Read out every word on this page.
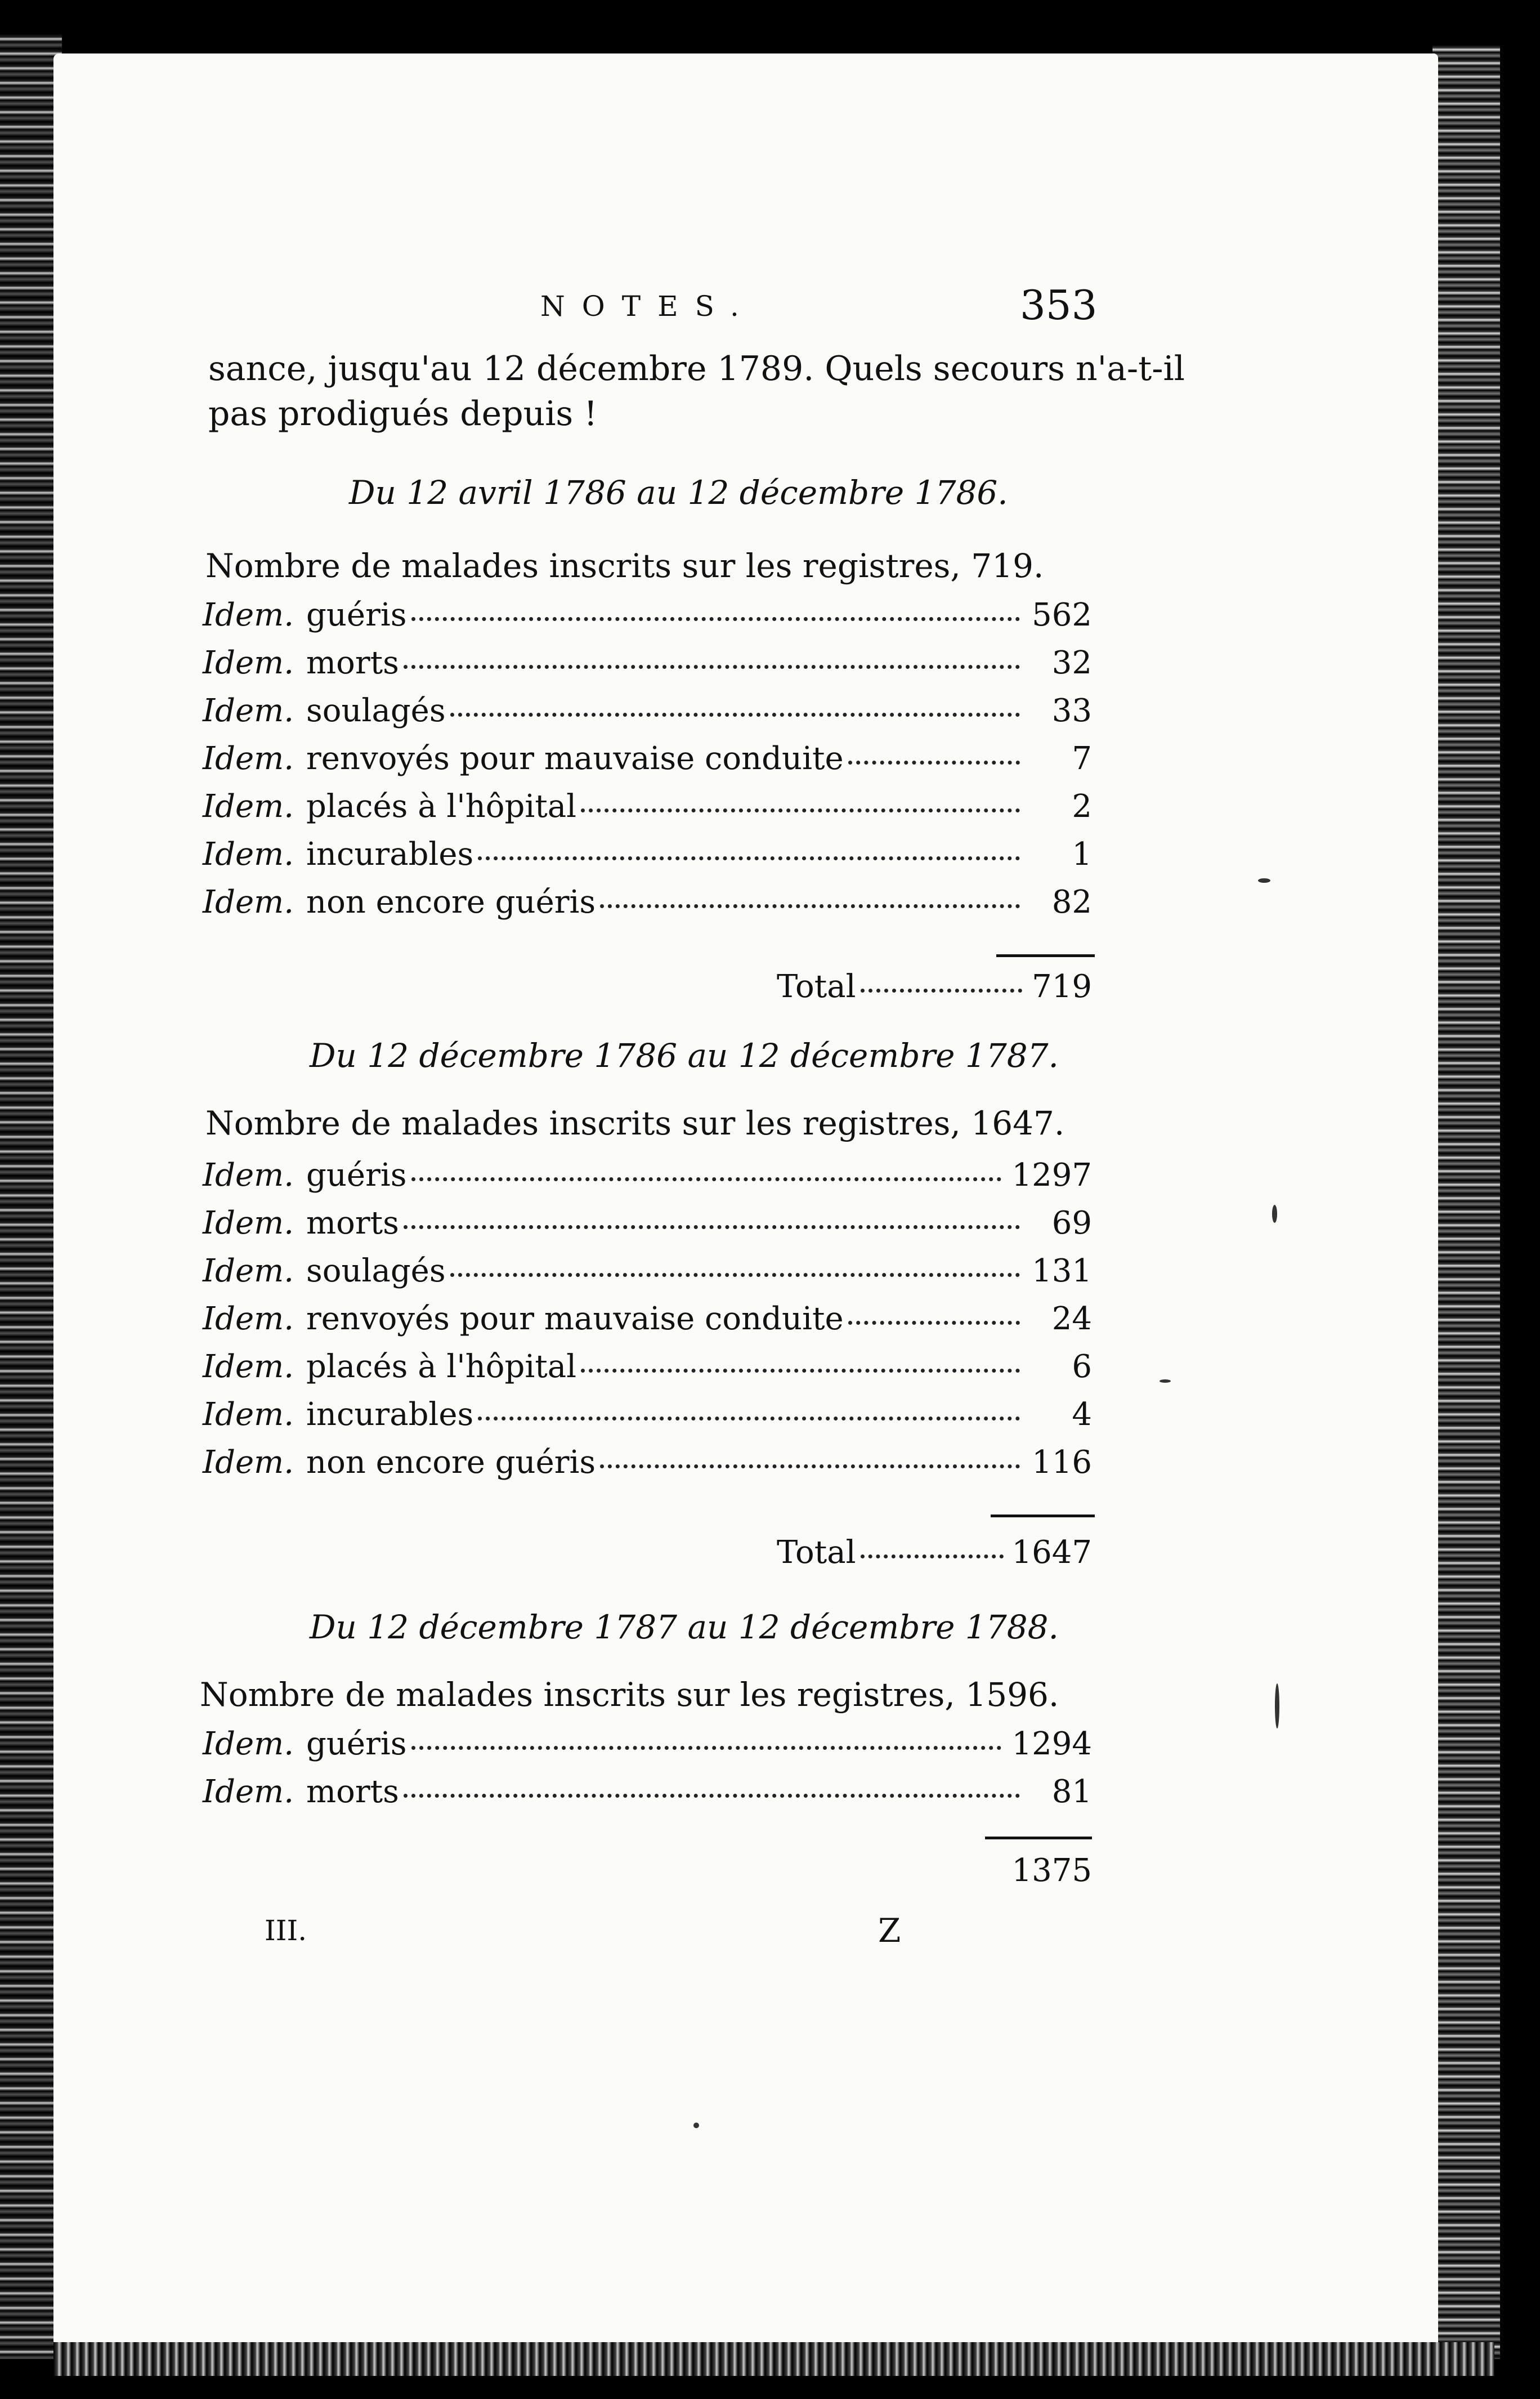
NOTES.	353
sance, jusqu'au 12 décembre 1789. Quels secours n'a-t-il
pas prodigués depuis !
Du 12 avril 1786 au 12 décembre 1786.
Nombre de malades inscrits sur les registres, 719.
Idem. guéris	562
Idem. morts	32
Idem. soulagés	33
Idem. renvoyés pour mauvaise conduite	7
Idem. placés à l'hôpital	2
Idem. incurables	1
Idem. non encore guéris	82
Total	719
Du 12 décembre 1786 au 12 décembre 1787.
Nombre de malades inscrits sur les registres, 1647.
Idem. guéris	1297
Idem. morts	69
Idem. soulagés	131
Idem. renvoyés pour mauvaise conduite	24
Idem. placés à l'hôpital	6
Idem. incurables	4
Idem. non encore guéris	116
Total	1647
Du 12 décembre 1787 au 12 décembre 1788.
Nombre de malades inscrits sur les registres, 1596.
Idem. guéris	1294
Idem. morts	81
1375
III.	Z
